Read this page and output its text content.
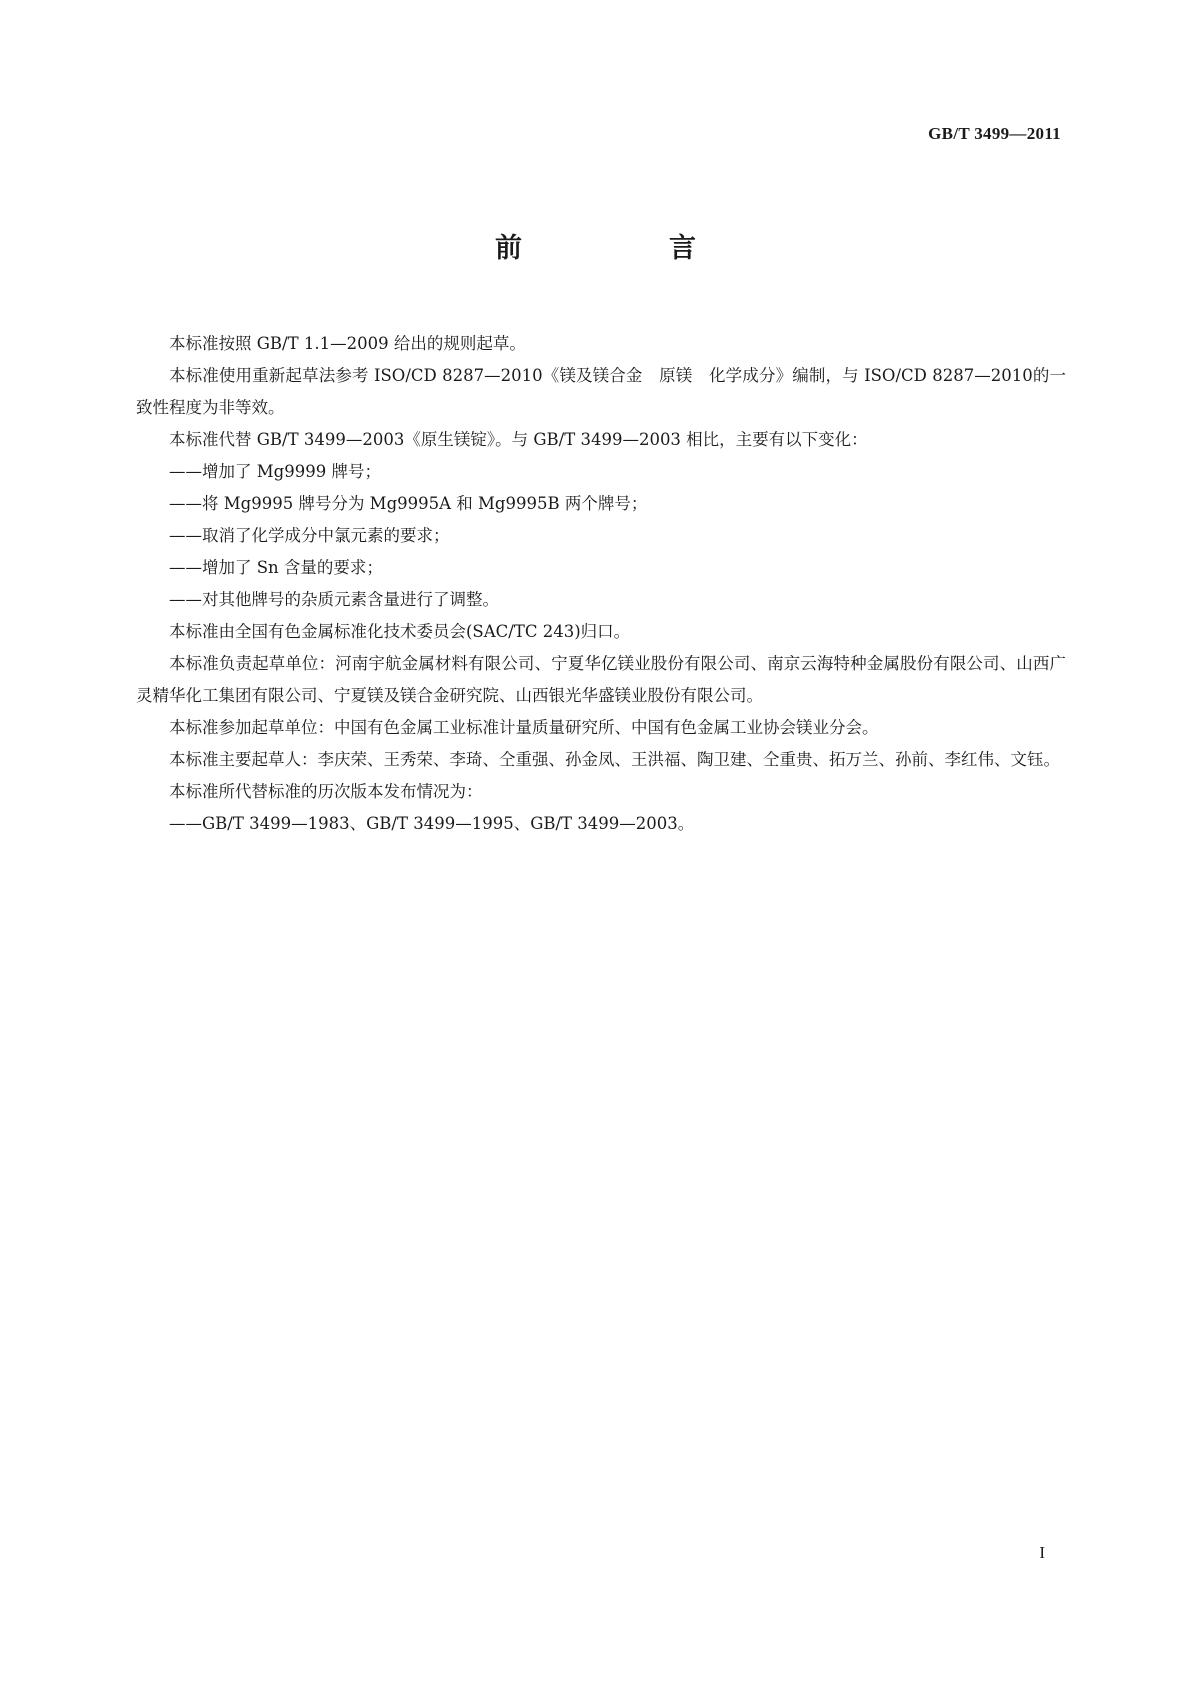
GB/T 3499—2011
前　言

本标准按照 GB/T 1.1—2009 给出的规则起草。

本标准使用重新起草法参考 ISO/CD 8287—2010《镁及镁合金　原镁　化学成分》编制，与 ISO/CD 8287—2010的一致性程度为非等效。

本标准代替 GB/T 3499—2003《原生镁锭》。与 GB/T 3499—2003 相比，主要有以下变化：

——增加了 Mg9999 牌号；

——将 Mg9995 牌号分为 Mg9995A 和 Mg9995B 两个牌号；

——取消了化学成分中氯元素的要求；

——增加了 Sn 含量的要求；

——对其他牌号的杂质元素含量进行了调整。

本标准由全国有色金属标准化技术委员会(SAC/TC 243)归口。

本标准负责起草单位：河南宇航金属材料有限公司、宁夏华亿镁业股份有限公司、南京云海特种金属股份有限公司、山西广灵精华化工集团有限公司、宁夏镁及镁合金研究院、山西银光华盛镁业股份有限公司。

本标准参加起草单位：中国有色金属工业标准计量质量研究所、中国有色金属工业协会镁业分会。

本标准主要起草人：李庆荣、王秀荣、李琦、仝重强、孙金凤、王洪福、陶卫建、仝重贵、拓万兰、孙前、李红伟、文钰。

本标准所代替标准的历次版本发布情况为：

——GB/T 3499—1983、GB/T 3499—1995、GB/T 3499—2003。

I
